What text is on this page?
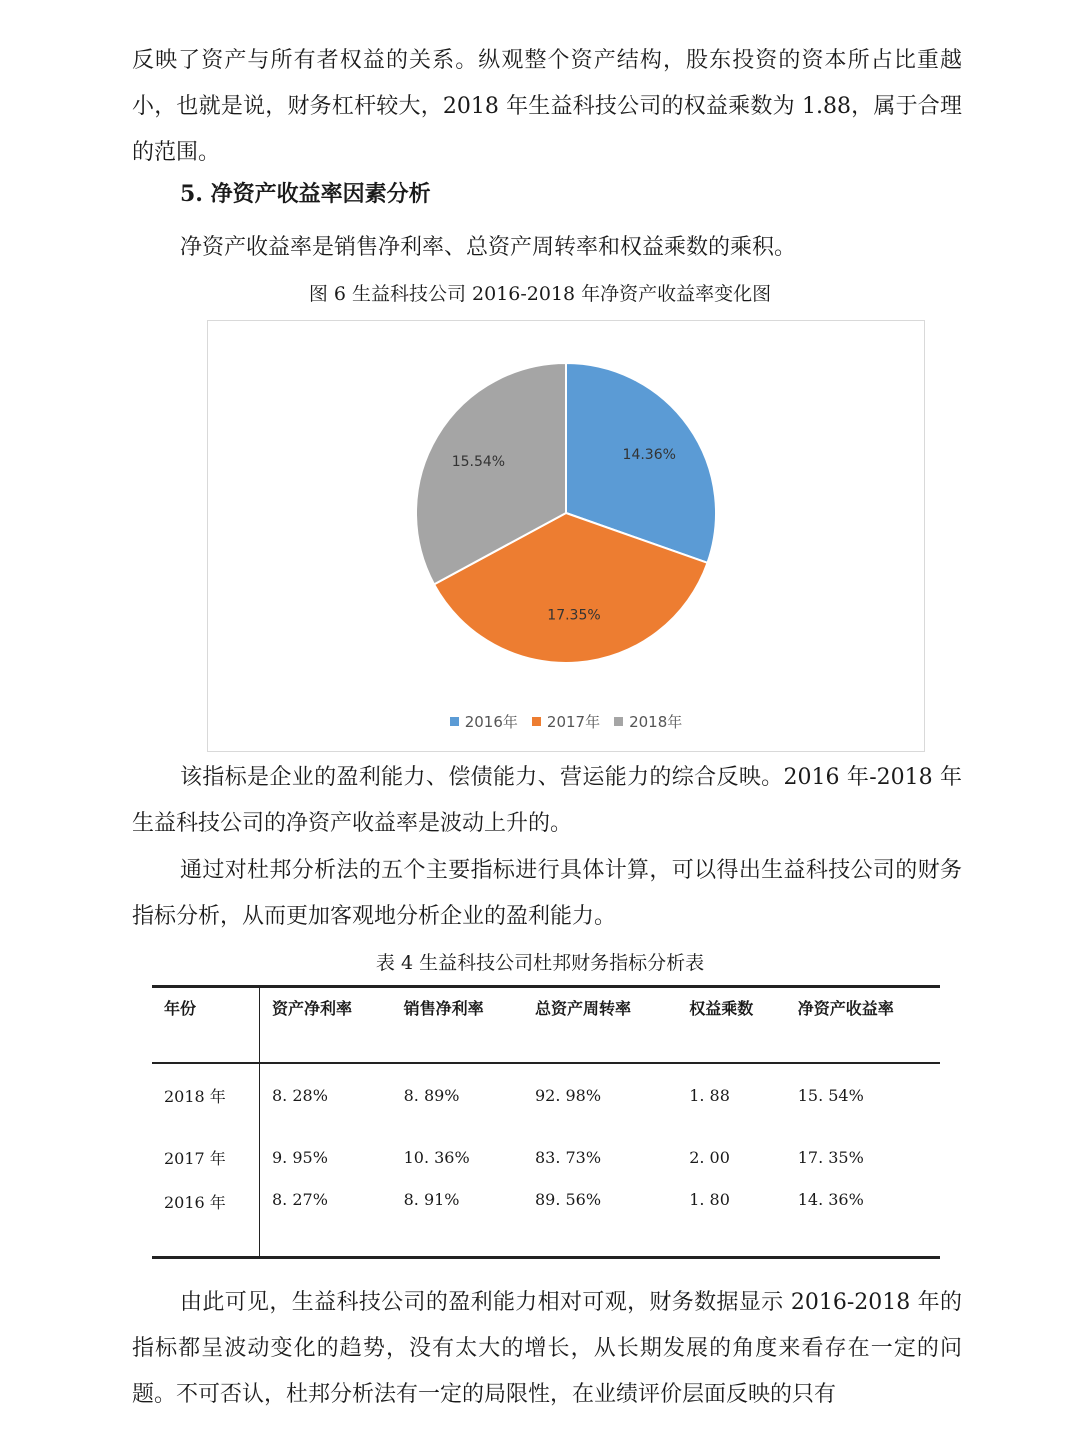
反映了资产与所有者权益的关系。纵观整个资产结构，股东投资的资本所占比重越小，也就是说，财务杠杆较大，2018 年生益科技公司的权益乘数为 1.88，属于合理的范围。

5. 净资产收益率因素分析

净资产收益率是销售净利率、总资产周转率和权益乘数的乘积。

图 6 生益科技公司 2016-2018 年净资产收益率变化图
14.36%
17.35%
15.54%
2016年 2017年 2018年

该指标是企业的盈利能力、偿债能力、营运能力的综合反映。2016 年-2018 年生益科技公司的净资产收益率是波动上升的。

通过对杜邦分析法的五个主要指标进行具体计算，可以得出生益科技公司的财务指标分析，从而更加客观地分析企业的盈利能力。

表 4 生益科技公司杜邦财务指标分析表
年份	资产净利率	销售净利率	总资产周转率	权益乘数	净资产收益率
2018 年	8. 28%	8. 89%	92. 98%	1. 88	15. 54%
2017 年	9. 95%	10. 36%	83. 73%	2. 00	17. 35%
2016 年	8. 27%	8. 91%	89. 56%	1. 80	14. 36%

由此可见，生益科技公司的盈利能力相对可观，财务数据显示 2016-2018 年的指标都呈波动变化的趋势，没有太大的增长，从长期发展的角度来看存在一定的问题。不可否认，杜邦分析法有一定的局限性，在业绩评价层面反映的只有
